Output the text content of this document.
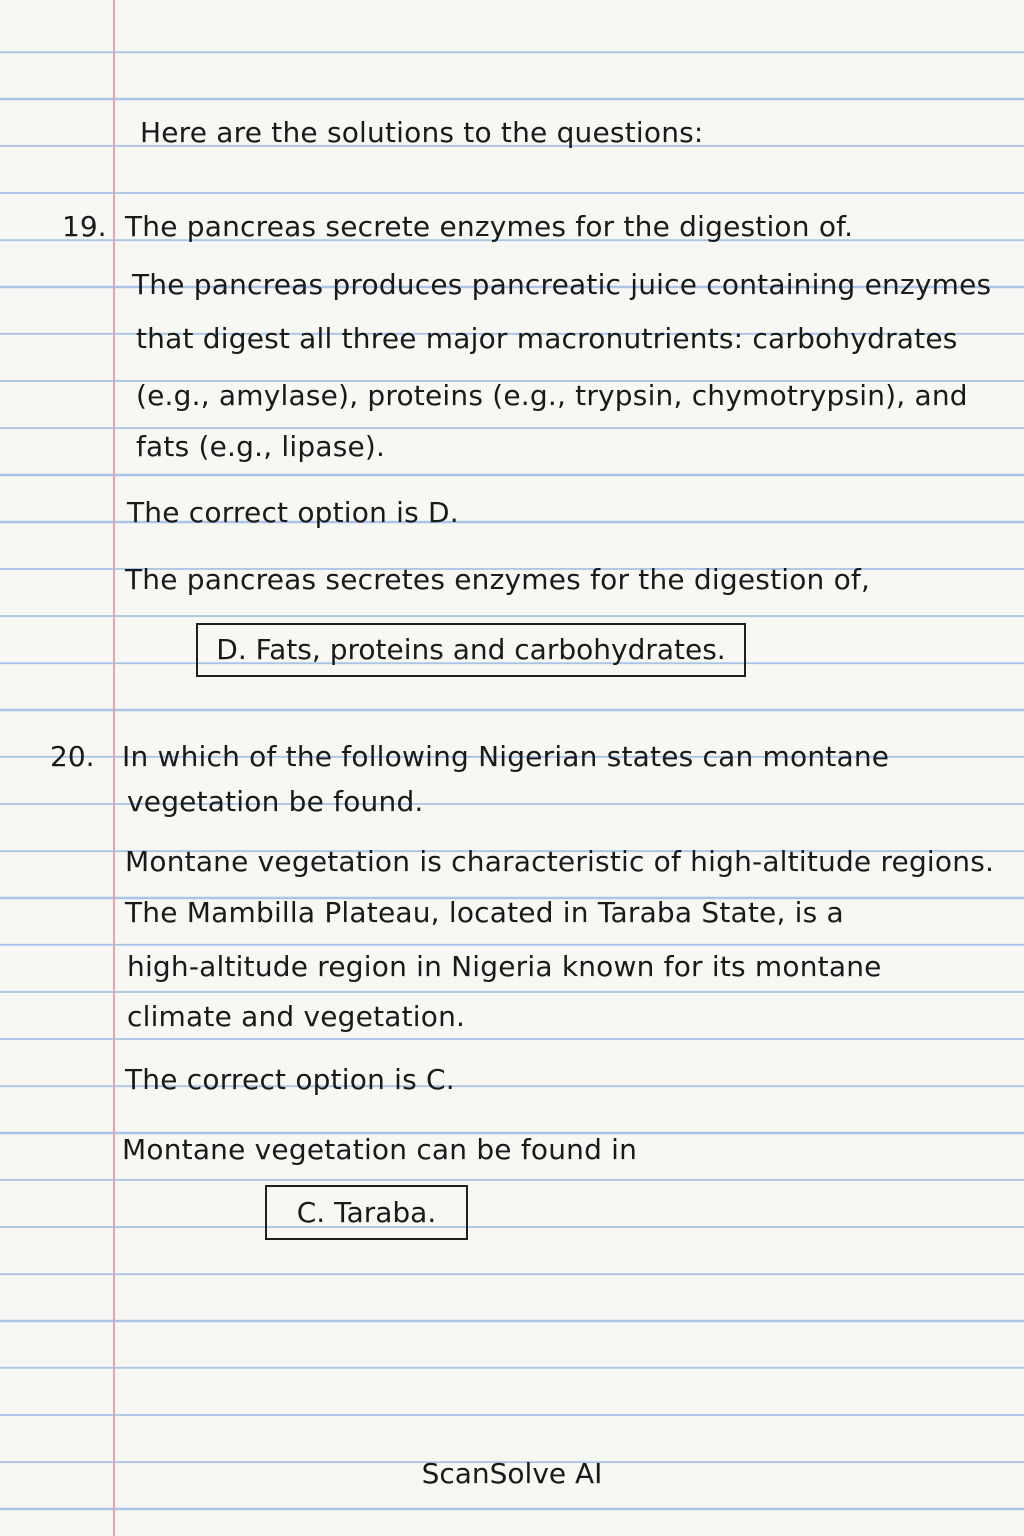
Here are the solutions to the questions:
19. The pancreas secrete enzymes for the digestion of.
The pancreas produces pancreatic juice containing enzymes
that digest all three major macronutrients: carbohydrates
(e.g., amylase), proteins (e.g., trypsin, chymotrypsin), and
fats (e.g., lipase).
The correct option is D.
The pancreas secretes enzymes for the digestion of,
D. Fats, proteins and carbohydrates.
20. In which of the following Nigerian states can montane
vegetation be found.
Montane vegetation is characteristic of high-altitude regions.
The Mambilla Plateau, located in Taraba State, is a
high-altitude region in Nigeria known for its montane
climate and vegetation.
The correct option is C.
Montane vegetation can be found in
C. Taraba.
ScanSolve AI
